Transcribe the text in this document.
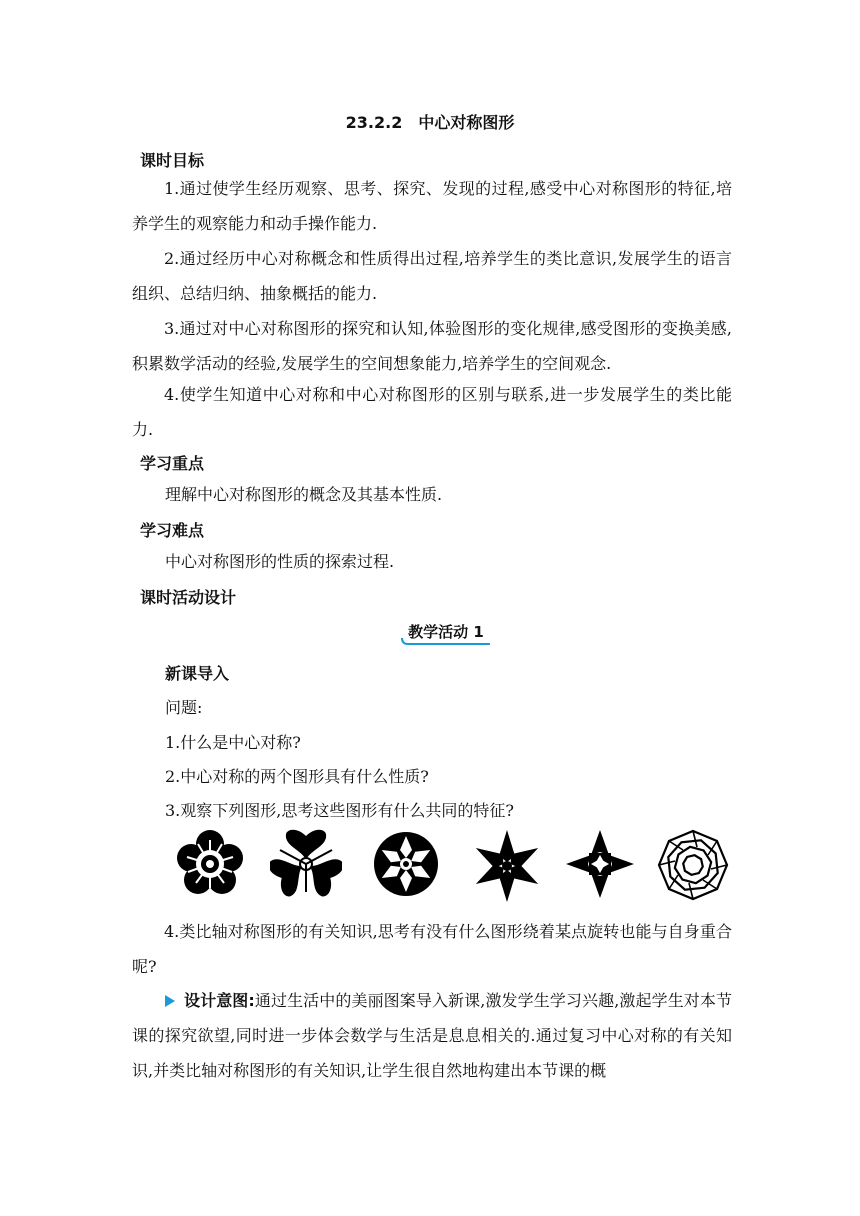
23.2.2　中心对称图形
课时目标
1.通过使学生经历观察、思考、探究、发现的过程,感受中心对称图形的特征,培养学生的观察能力和动手操作能力.
2.通过经历中心对称概念和性质得出过程,培养学生的类比意识,发展学生的语言组织、总结归纳、抽象概括的能力.
3.通过对中心对称图形的探究和认知,体验图形的变化规律,感受图形的变换美感,积累数学活动的经验,发展学生的空间想象能力,培养学生的空间观念.
4.使学生知道中心对称和中心对称图形的区别与联系,进一步发展学生的类比能力.
学习重点
理解中心对称图形的概念及其基本性质.
学习难点
中心对称图形的性质的探索过程.
课时活动设计
教学活动 1
新课导入
问题:
1.什么是中心对称?
2.中心对称的两个图形具有什么性质?
3.观察下列图形,思考这些图形有什么共同的特征?
4.类比轴对称图形的有关知识,思考有没有什么图形绕着某点旋转也能与自身重合呢?
设计意图:通过生活中的美丽图案导入新课,激发学生学习兴趣,激起学生对本节课的探究欲望,同时进一步体会数学与生活是息息相关的.通过复习中心对称的有关知识,并类比轴对称图形的有关知识,让学生很自然地构建出本节课的概
